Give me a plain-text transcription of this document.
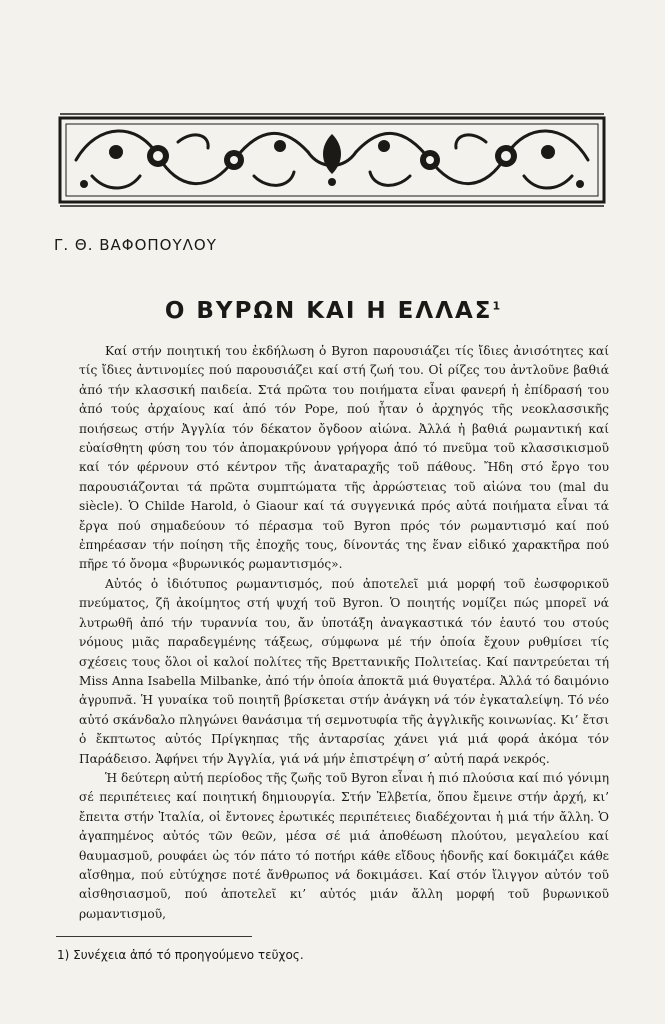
Γ. Θ. ΒΑΦΟΠΟΥΛΟΥ
Ο ΒΥΡΩΝ ΚΑΙ Η ΕΛΛΑΣ$^1$

Καί στήν ποιητική του ἐκδήλωση ὁ Byron παρουσιάζει τίς ἴδιες ἀνισότητες καί τίς ἴδιες ἀντινομίες πού παρουσιάζει καί στή ζωή του. Οἱ ρίζες του ἀντλοῦνε βαθιά ἀπό τήν κλασσική παιδεία. Στά πρῶτα του ποιήματα εἶναι φανερή ἡ ἐπίδρασή του ἀπό τούς ἀρχαίους καί ἀπό τόν Pope, πού ἦταν ὁ ἀρχηγός τῆς νεοκλασσικῆς ποιήσεως στήν Ἀγγλία τόν δέκατον ὄγδοον αἰώνα. Ἀλλά ἡ βαθιά ρωμαντική καί εὐαίσθητη φύση του τόν ἀπομακρύνουν γρήγορα ἀπό τό πνεῦμα τοῦ κλασσικισμοῦ καί τόν φέρνουν στό κέντρον τῆς ἀναταραχῆς τοῦ πάθους. Ἤδη στό ἔργο του παρουσιάζονται τά πρῶτα συμπτώματα τῆς ἀρρώστειας τοῦ αἰώνα του (mal du siècle). Ὁ Childe Harold, ὁ Giaour καί τά συγγενικά πρός αὐτά ποιήματα εἶναι τά ἔργα πού σημαδεύουν τό πέρασμα τοῦ Byron πρός τόν ρωμαντισμό καί πού ἐπηρέασαν τήν ποίηση τῆς ἐποχῆς τους, δίνοντάς της ἕναν εἰδικό χαρακτῆρα πού πῆρε τό ὄνομα «βυρωνικός ρωμαντισμός».

Αὐτός ὁ ἰδιότυπος ρωμαντισμός, πού ἀποτελεῖ μιά μορφή τοῦ ἐωσφορικοῦ πνεύματος, ζῆ ἀκοίμητος στή ψυχή τοῦ Byron. Ὁ ποιητής νομίζει πώς μπορεῖ νά λυτρωθῆ ἀπό τήν τυραννία του, ἄν ὑποτάξη ἀναγκαστικά τόν ἑαυτό του στούς νόμους μιᾶς παραδεγμένης τάξεως, σύμφωνα μέ τήν ὁποία ἔχουν ρυθμίσει τίς σχέσεις τους ὅλοι οἱ καλοί πολίτες τῆς Βρεττανικῆς Πολιτείας. Καί παντρεύεται τή Miss Anna Isabella Milbanke, ἀπό τήν ὁποία ἀποκτᾶ μιά θυγατέρα. Ἀλλά τό δαιμόνιο ἀγρυπνᾶ. Ἡ γυναίκα τοῦ ποιητῆ βρίσκεται στήν ἀνάγκη νά τόν ἐγκαταλείψη. Τό νέο αὐτό σκάνδαλο πληγώνει θανάσιμα τή σεμνοτυφία τῆς ἀγγλικῆς κοινωνίας. Κι’ ἔτσι ὁ ἔκπτωτος αὐτός Πρίγκηπας τῆς ἀνταρσίας χάνει γιά μιά φορά ἀκόμα τόν Παράδεισο. Ἀφήνει τήν Ἀγγλία, γιά νά μήν ἐπιστρέψη σ’ αὐτή παρά νεκρός.

Ἡ δεύτερη αὐτή περίοδος τῆς ζωῆς τοῦ Byron εἶναι ἡ πιό πλούσια καί πιό γόνιμη σέ περιπέτειες καί ποιητική δημιουργία. Στήν Ἑλβετία, ὅπου ἔμεινε στήν ἀρχή, κι’ ἔπειτα στήν Ἰταλία, οἱ ἔντονες ἐρωτικές περιπέτειες διαδέχονται ἡ μιά τήν ἄλλη. Ὁ ἀγαπημένος αὐτός τῶν θεῶν, μέσα σέ μιά ἀποθέωση πλούτου, μεγαλείου καί θαυμασμοῦ, ρουφάει ὡς τόν πάτο τό ποτήρι κάθε εἴδους ἡδονῆς καί δοκιμάζει κάθε αἴσθημα, πού εὐτύχησε ποτέ ἄνθρωπος νά δοκιμάσει. Καί στόν ἴλιγγον αὐτόν τοῦ αἰσθησιασμοῦ, πού ἀποτελεῖ κι’ αὐτός μιάν ἄλλη μορφή τοῦ βυρωνικοῦ ρωμαντισμοῦ,

1) Συνέχεια ἀπό τό προηγούμενο τεῦχος.
